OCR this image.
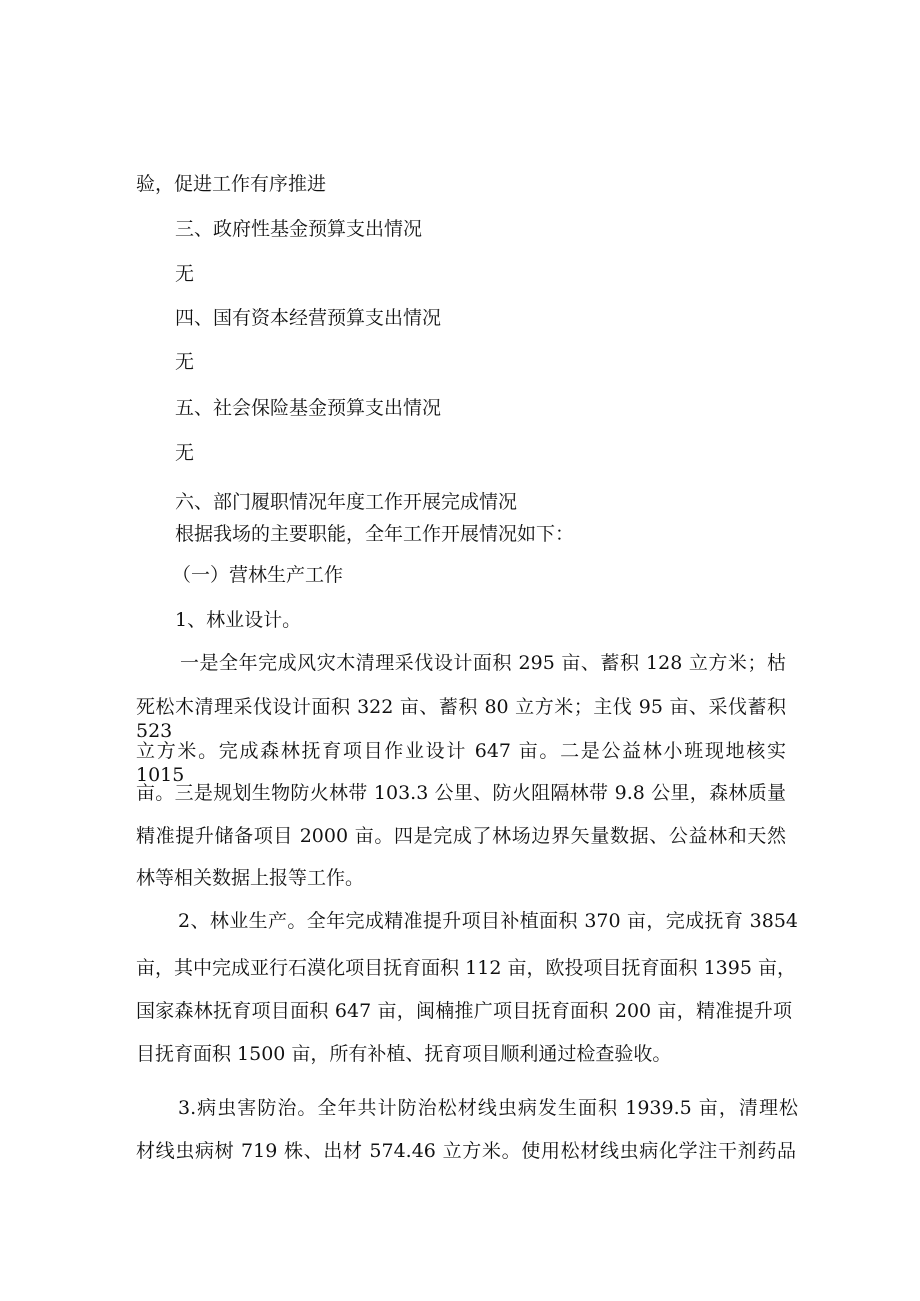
验，促进工作有序推进

三、政府性基金预算支出情况

无

四、国有资本经营预算支出情况

无

五、社会保险基金预算支出情况

无

六、部门履职情况年度工作开展完成情况

根据我场的主要职能，全年工作开展情况如下：

（一）营林生产工作

1、林业设计。

一是全年完成风灾木清理采伐设计面积 295 亩、蓄积 128 立方米；枯

死松木清理采伐设计面积 322 亩、蓄积 80 立方米；主伐 95 亩、采伐蓄积 523

立方米。完成森林抚育项目作业设计 647 亩。二是公益林小班现地核实 1015

亩。三是规划生物防火林带 103.3 公里、防火阻隔林带 9.8 公里，森林质量

精准提升储备项目 2000 亩。四是完成了林场边界矢量数据、公益林和天然

林等相关数据上报等工作。

2、林业生产。全年完成精准提升项目补植面积 370 亩，完成抚育 3854

亩，其中完成亚行石漠化项目抚育面积 112 亩，欧投项目抚育面积 1395 亩，

国家森林抚育项目面积 647 亩，闽楠推广项目抚育面积 200 亩，精准提升项

目抚育面积 1500 亩，所有补植、抚育项目顺利通过检查验收。

3.病虫害防治。全年共计防治松材线虫病发生面积 1939.5 亩，清理松

材线虫病树 719 株、出材 574.46 立方米。使用松材线虫病化学注干剂药品
